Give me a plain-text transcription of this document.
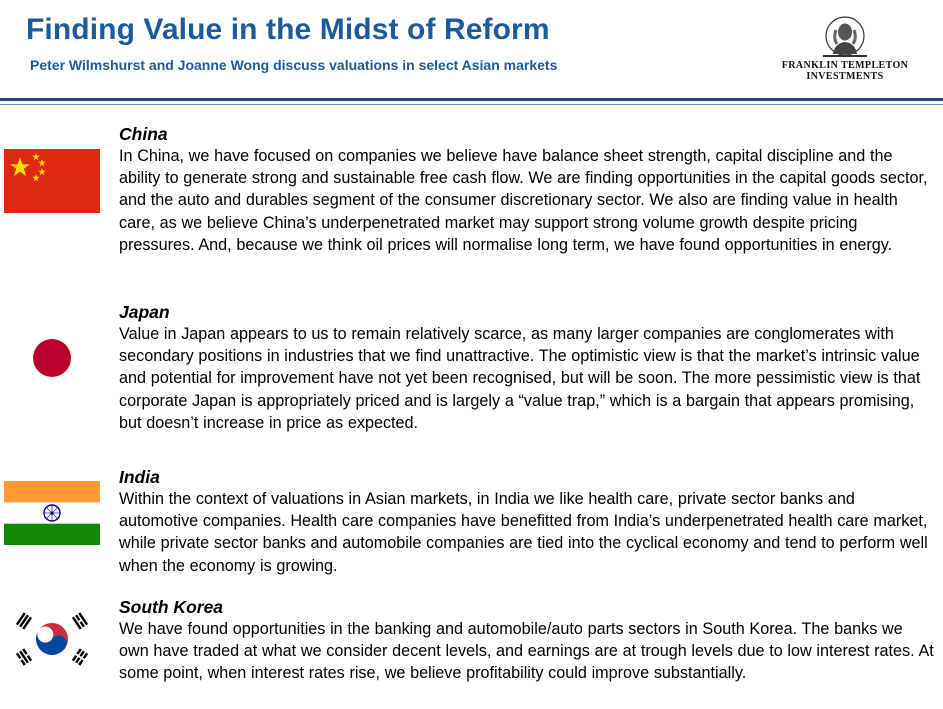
Finding Value in the Midst of Reform

Peter Wilmshurst and Joanne Wong discuss valuations in select Asian markets	FRANKLIN TEMPLETON
INVESTMENTS

China

In China, we have focused on companies we believe have balance sheet strength, capital discipline and the ability to generate strong and sustainable free cash flow. We are finding opportunities in the capital goods sector, and the auto and durables segment of the consumer discretionary sector. We also are finding value in health care, as we believe China’s underpenetrated market may support strong volume growth despite pricing pressures. And, because we think oil prices will normalise long term, we have found opportunities in energy.

Japan

Value in Japan appears to us to remain relatively scarce, as many larger companies are conglomerates with secondary positions in industries that we find unattractive. The optimistic view is that the market’s intrinsic value and potential for improvement have not yet been recognised, but will be soon. The more pessimistic view is that corporate Japan is appropriately priced and is largely a “value trap,” which is a bargain that appears promising, but doesn’t increase in price as expected.

India

Within the context of valuations in Asian markets, in India we like health care, private sector banks and automotive companies. Health care companies have benefitted from India’s underpenetrated health care market, while private sector banks and automobile companies are tied into the cyclical economy and tend to perform well when the economy is growing.

South Korea

We have found opportunities in the banking and automobile/auto parts sectors in South Korea. The banks we own have traded at what we consider decent levels, and earnings are at trough levels due to low interest rates. At some point, when interest rates rise, we believe profitability could improve substantially.
